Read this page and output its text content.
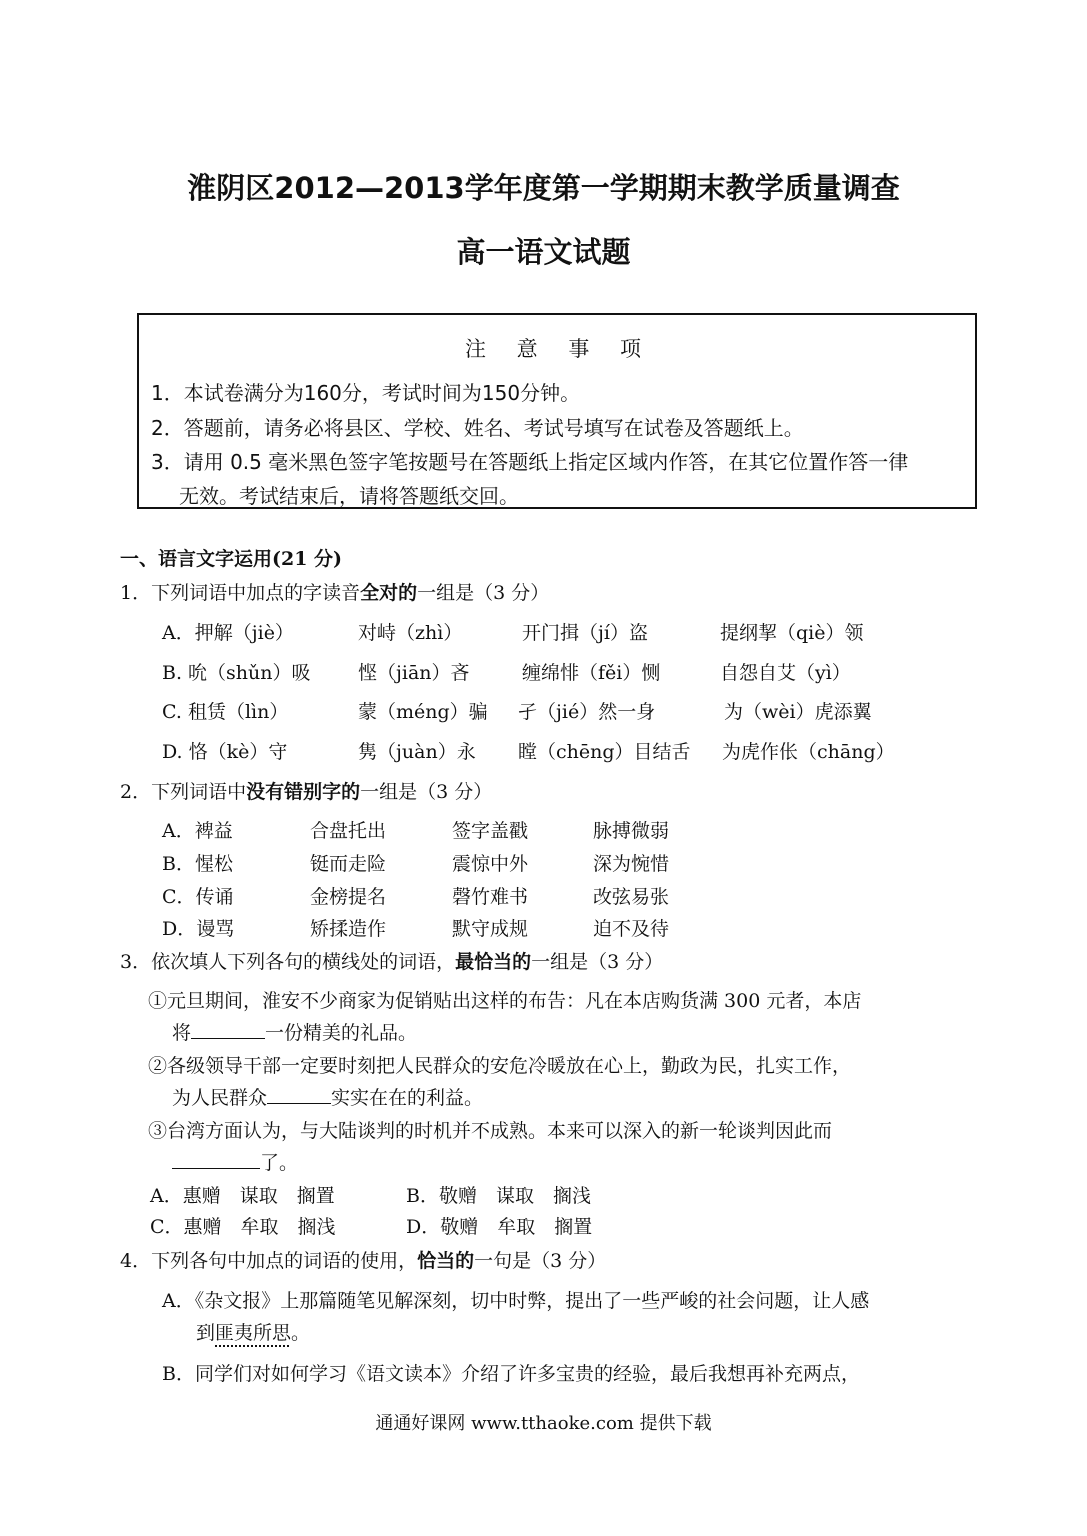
淮阴区2012—2013学年度第一学期期末教学质量调查
高一语文试题
注 意 事 项
1．本试卷满分为160分，考试时间为150分钟。
2．答题前，请务必将县区、学校、姓名、考试号填写在试卷及答题纸上。
3．请用 0.5 毫米黑色签字笔按题号在答题纸上指定区域内作答，在其它位置作答一律
无效。考试结束后，请将答题纸交回。
一、语言文字运用(21 分)
1．下列词语中加点的字读音全对的一组是（3 分）
A．押解（jiè）	对峙（zhì）	开门揖（jí）盗	提纲挈（qiè）领
B. 吮（shǔn）吸 悭（jiān）吝	缠绵悱（fěi）恻	自怨自艾（yì）
C. 租赁（lìn）	蒙（méng）骗 孑（jié）然一身	为（wèi）虎添翼
D. 恪（kè）守	隽（juàn）永 瞠（chēng）目结舌 为虎作伥（chāng）
2．下列词语中没有错别字的一组是（3 分）
A．裨益	合盘托出	签字盖戳	脉搏微弱
B．惺松	铤而走险	震惊中外	深为惋惜
C．传诵	金榜提名	磬竹难书	改弦易张
D．谩骂	矫揉造作	默守成规	迫不及待
3．依次填人下列各句的横线处的词语，最恰当的一组是（3 分）
①元旦期间，淮安不少商家为促销贴出这样的布告：凡在本店购货满 300 元者，本店
将	一份精美的礼品。
②各级领导干部一定要时刻把人民群众的安危冷暖放在心上，勤政为民，扎实工作，
为人民群众	实实在在的利益。
③台湾方面认为，与大陆谈判的时机并不成熟。本来可以深入的新一轮谈判因此而
了。
A．惠赠　谋取　搁置	B．敬赠　谋取　搁浅
C．惠赠　牟取　搁浅	D．敬赠　牟取　搁置
4．下列各句中加点的词语的使用，恰当的一句是（3 分）
A．《杂文报》上那篇随笔见解深刻，切中时弊，提出了一些严峻的社会问题，让人感
到匪夷所思。
B．同学们对如何学习《语文读本》介绍了许多宝贵的经验，最后我想再补充两点，
通通好课网 www.tthaoke.com 提供下载
